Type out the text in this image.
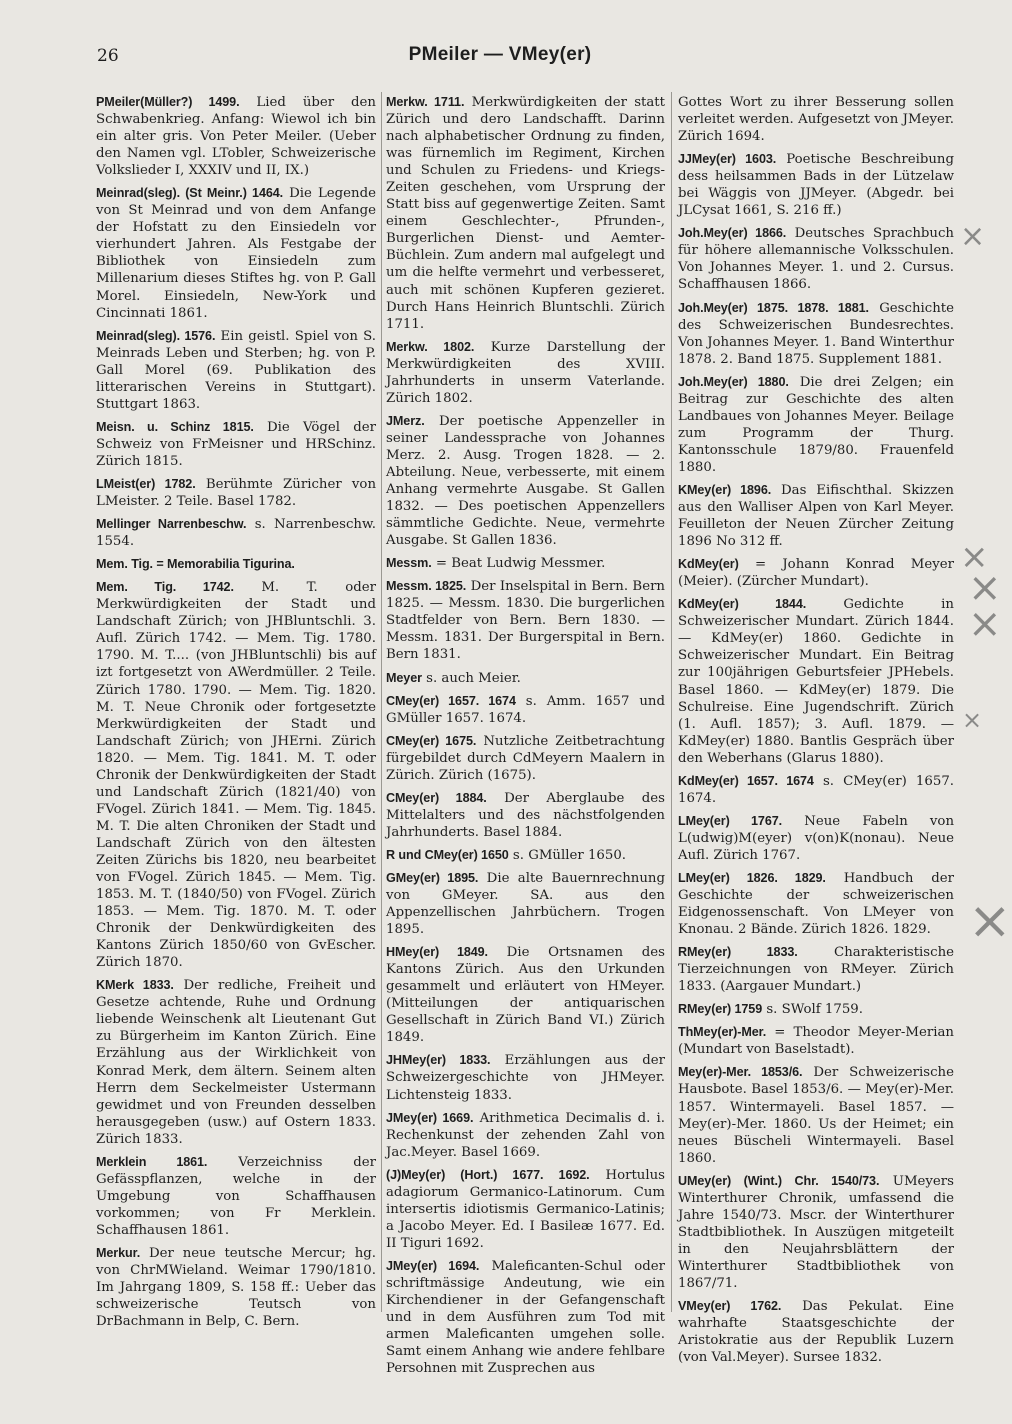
26	PMeiler — VMey(er)

PMeiler(Müller?) 1499. Lied über den Schwabenkrieg. Anfang: Wiewol ich bin ein alter gris. Von Peter Meiler. (Ueber den Namen vgl. LTobler, Schweizerische Volkslieder I, XXXIV und II, IX.)

Meinrad(sleg). (St Meinr.) 1464. Die Legende von St Meinrad und von dem Anfange der Hofstatt zu den Einsiedeln vor vierhundert Jahren. Als Festgabe der Bibliothek von Einsiedeln zum Millenarium dieses Stiftes hg. von P. Gall Morel. Einsiedeln, New-York und Cincinnati 1861.

Meinrad(sleg). 1576. Ein geistl. Spiel von S. Meinrads Leben und Sterben; hg. von P. Gall Morel (69. Publikation des litterarischen Vereins in Stuttgart). Stuttgart 1863.

Meisn. u. Schinz 1815. Die Vögel der Schweiz von FrMeisner und HRSchinz. Zürich 1815.

LMeist(er) 1782. Berühmte Züricher von LMeister. 2 Teile. Basel 1782.

Mellinger Narrenbeschw. s. Narrenbeschw. 1554.

Mem. Tig. = Memorabilia Tigurina.

Mem. Tig. 1742. M. T. oder Merkwürdigkeiten der Stadt und Landschaft Zürich; von JHBluntschli. 3. Aufl. Zürich 1742. — Mem. Tig. 1780. 1790. M. T.... (von JHBluntschli) bis auf izt fortgesetzt von AWerdmüller. 2 Teile. Zürich 1780. 1790. — Mem. Tig. 1820. M. T. Neue Chronik oder fortgesetzte Merkwürdigkeiten der Stadt und Landschaft Zürich; von JHErni. Zürich 1820. — Mem. Tig. 1841. M. T. oder Chronik der Denkwürdigkeiten der Stadt und Landschaft Zürich (1821/40) von FVogel. Zürich 1841. — Mem. Tig. 1845. M. T. Die alten Chroniken der Stadt und Landschaft Zürich von den ältesten Zeiten Zürichs bis 1820, neu bearbeitet von FVogel. Zürich 1845. — Mem. Tig. 1853. M. T. (1840/50) von FVogel. Zürich 1853. — Mem. Tig. 1870. M. T. oder Chronik der Denkwürdigkeiten des Kantons Zürich 1850/60 von GvEscher. Zürich 1870.

KMerk 1833. Der redliche, Freiheit und Gesetze achtende, Ruhe und Ordnung liebende Weinschenk alt Lieutenant Gut zu Bürgerheim im Kanton Zürich. Eine Erzählung aus der Wirklichkeit von Konrad Merk, dem ältern. Seinem alten Herrn dem Seckelmeister Ustermann gewidmet und von Freunden desselben herausgegeben (usw.) auf Ostern 1833. Zürich 1833.

Merklein 1861. Verzeichniss der Gefässpflanzen, welche in der Umgebung von Schaffhausen vorkommen; von Fr Merklein. Schaffhausen 1861.

Merkur. Der neue teutsche Mercur; hg. von ChrMWieland. Weimar 1790/1810. Im Jahrgang 1809, S. 158 ff.: Ueber das schweizerische Teutsch von DrBachmann in Belp, C. Bern.

Merkw. 1711. Merkwürdigkeiten der statt Zürich und dero Landschafft. Darinn nach alphabetischer Ordnung zu finden, was fürnemlich im Regiment, Kirchen und Schulen zu Friedens- und Kriegs-Zeiten geschehen, vom Ursprung der Statt biss auf gegenwertige Zeiten. Samt einem Geschlechter-, Pfrunden-, Burgerlichen Dienst- und Aemter-Büchlein. Zum andern mal aufgelegt und um die helfte vermehrt und verbesseret, auch mit schönen Kupferen gezieret. Durch Hans Heinrich Bluntschli. Zürich 1711.

Merkw. 1802. Kurze Darstellung der Merkwürdigkeiten des XVIII. Jahrhunderts in unserm Vaterlande. Zürich 1802.

JMerz. Der poetische Appenzeller in seiner Landessprache von Johannes Merz. 2. Ausg. Trogen 1828. — 2. Abteilung. Neue, verbesserte, mit einem Anhang vermehrte Ausgabe. St Gallen 1832. — Des poetischen Appenzellers sämmtliche Gedichte. Neue, vermehrte Ausgabe. St Gallen 1836.

Messm. = Beat Ludwig Messmer.

Messm. 1825. Der Inselspital in Bern. Bern 1825. — Messm. 1830. Die burgerlichen Stadtfelder von Bern. Bern 1830. — Messm. 1831. Der Burgerspital in Bern. Bern 1831.

Meyer s. auch Meier.

CMey(er) 1657. 1674 s. Amm. 1657 und GMüller 1657. 1674.

CMey(er) 1675. Nutzliche Zeitbetrachtung fürgebildet durch CdMeyern Maalern in Zürich. Zürich (1675).

CMey(er) 1884. Der Aberglaube des Mittelalters und des nächstfolgenden Jahrhunderts. Basel 1884.

R und CMey(er) 1650 s. GMüller 1650.

GMey(er) 1895. Die alte Bauernrechnung von GMeyer. SA. aus den Appenzellischen Jahrbüchern. Trogen 1895.

HMey(er) 1849. Die Ortsnamen des Kantons Zürich. Aus den Urkunden gesammelt und erläutert von HMeyer. (Mitteilungen der antiquarischen Gesellschaft in Zürich Band VI.) Zürich 1849.

JHMey(er) 1833. Erzählungen aus der Schweizergeschichte von JHMeyer. Lichtensteig 1833.

JMey(er) 1669. Arithmetica Decimalis d. i. Rechenkunst der zehenden Zahl von Jac.Meyer. Basel 1669.

(J)Mey(er) (Hort.) 1677. 1692. Hortulus adagiorum Germanico-Latinorum. Cum intersertis idiotismis Germanico-Latinis; a Jacobo Meyer. Ed. I Basileæ 1677. Ed. II Tiguri 1692.

JMey(er) 1694. Maleficanten-Schul oder schriftmässige Andeutung, wie ein Kirchendiener in der Gefangenschaft und in dem Ausführen zum Tod mit armen Maleficanten umgehen solle. Samt einem Anhang wie andere fehlbare Persohnen mit Zusprechen aus

Gottes Wort zu ihrer Besserung sollen verleitet werden. Aufgesetzt von JMeyer. Zürich 1694.

JJMey(er) 1603. Poetische Beschreibung dess heilsammen Bads in der Lützelaw bei Wäggis von JJMeyer. (Abgedr. bei JLCysat 1661, S. 216 ff.)

Joh.Mey(er) 1866. Deutsches Sprachbuch für höhere allemannische Volksschulen. Von Johannes Meyer. 1. und 2. Cursus. Schaffhausen 1866.

Joh.Mey(er) 1875. 1878. 1881. Geschichte des Schweizerischen Bundesrechtes. Von Johannes Meyer. 1. Band Winterthur 1878. 2. Band 1875. Supplement 1881.

Joh.Mey(er) 1880. Die drei Zelgen; ein Beitrag zur Geschichte des alten Landbaues von Johannes Meyer. Beilage zum Programm der Thurg. Kantonsschule 1879/80. Frauenfeld 1880.

KMey(er) 1896. Das Eifischthal. Skizzen aus den Walliser Alpen von Karl Meyer. Feuilleton der Neuen Zürcher Zeitung 1896 No 312 ff.

KdMey(er) = Johann Konrad Meyer (Meier). (Zürcher Mundart).

KdMey(er) 1844.	Gedichte in Schweizerischer Mundart. Zürich 1844. — KdMey(er) 1860. Gedichte in Schweizerischer Mundart. Ein Beitrag zur 100jährigen Geburtsfeier JPHebels. Basel 1860. — KdMey(er) 1879. Die Schulreise. Eine Jugendschrift. Zürich (1. Aufl. 1857); 3. Aufl. 1879. — KdMey(er) 1880. Bantlis Gespräch über den Weberhans (Glarus 1880).

KdMey(er) 1657. 1674 s. CMey(er) 1657. 1674.

LMey(er) 1767. Neue Fabeln von L(udwig)M(eyer) v(on)K(nonau). Neue Aufl. Zürich 1767.

LMey(er) 1826. 1829. Handbuch der Geschichte der schweizerischen Eidgenossenschaft. Von LMeyer von Knonau. 2 Bände. Zürich 1826. 1829.

RMey(er) 1833.	Charakteristische Tierzeichnungen von RMeyer. Zürich 1833. (Aargauer Mundart.)

RMey(er) 1759 s. SWolf 1759.

ThMey(er)-Mer. = Theodor Meyer-Merian (Mundart von Baselstadt).

Mey(er)-Mer. 1853/6. Der Schweizerische Hausbote. Basel 1853/6. — Mey(er)-Mer. 1857. Wintermayeli. Basel 1857. — Mey(er)-Mer. 1860. Us der Heimet; ein neues Büscheli Wintermayeli. Basel 1860.

UMey(er) (Wint.) Chr. 1540/73. UMeyers Winterthurer Chronik, umfassend die Jahre 1540/73. Mscr. der Winterthurer Stadtbibliothek. In Auszügen mitgeteilt in den Neujahrsblättern der Winterthurer Stadtbibliothek von 1867/71.

VMey(er) 1762. Das Pekulat. Eine wahrhafte Staatsgeschichte der Aristokratie aus der Republik Luzern (von Val.Meyer). Sursee 1832.

×
×
×
×
×
×
